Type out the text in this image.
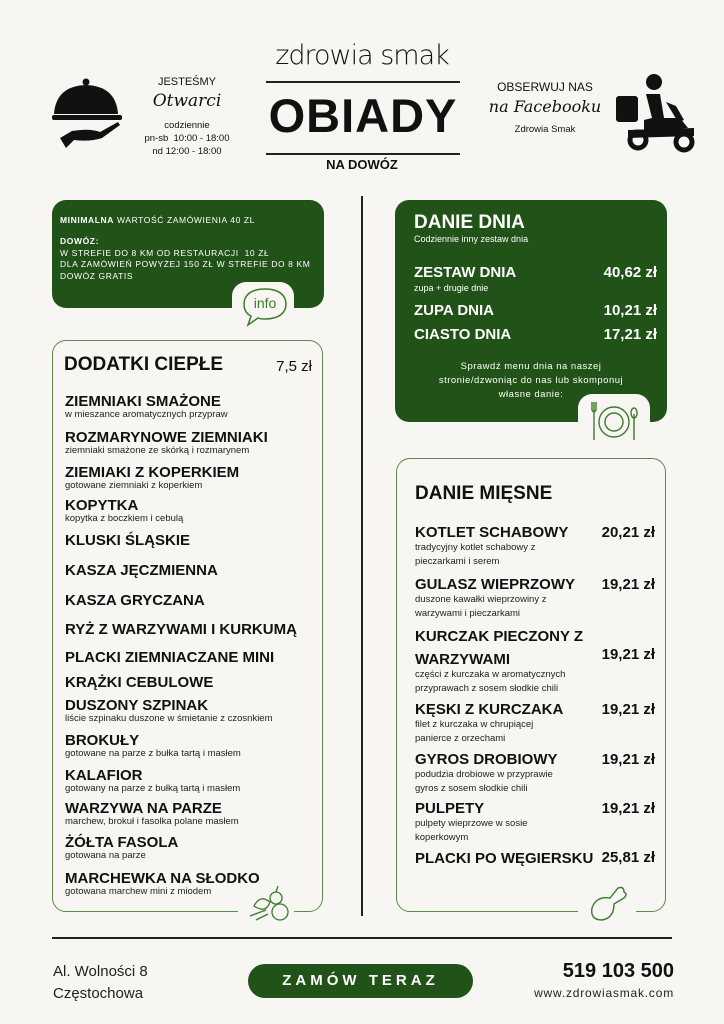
JESTEŚMY
Otwarci
codziennie
pn-sb  10:00 - 18:00
nd 12:00 - 18:00
zdrowia smak
OBIADY
NA DOWÓZ
OBSERWUJ NAS
na Facebooku
Zdrowia Smak
MINIMALNA WARTOŚĆ ZAMÓWIENIA 40 ZL
DOWÓZ:
W STREFIE DO 8 KM OD RESTAURACJI  10 ZŁ
DLA ZAMÓWIEŃ POWYŻEJ 150 ZŁ W STREFIE DO 8 KM
DOWÓZ GRATIS
info
DODATKI CIEPŁE	7,5 zł
ZIEMNIAKI SMAŻONE
w mieszance aromatycznych przypraw
ROZMARYNOWE ZIEMNIAKI
ziemniaki smażone ze skórką i rozmarynem
ZIEMIAKI Z KOPERKIEM
gotowane ziemniaki z koperkiem
KOPYTKA
kopytka z boczkiem i cebulą
KLUSKI ŚLĄSKIE
KASZA JĘCZMIENNA
KASZA GRYCZANA
RYŻ Z WARZYWAMI I KURKUMĄ
PLACKI ZIEMNIACZANE MINI
KRĄŻKI CEBULOWE
DUSZONY SZPINAK
liście szpinaku duszone w śmietanie z czosnkiem
BROKUŁY
gotowane na parze z bułka tartą i masłem
KALAFIOR
gotowany na parze z bułką tartą i masłem
WARZYWA NA PARZE
marchew, brokuł i fasolka polane masłem
ŻÓŁTA FASOLA
gotowana na parze
MARCHEWKA NA SŁODKO
gotowana marchew mini z miodem
DANIE DNIA
Codziennie inny zestaw dnia
Sprawdź menu dnia na naszej
stronie/dzwoniąc do nas lub skomponuj
własne danie:
ZESTAW DNIA	40,62 zł
zupa + drugie dnie
ZUPA DNIA	10,21 zł
CIASTO DNIA	17,21 zł
DANIE MIĘSNE
KOTLET SCHABOWY 20,21 zł
tradycyjny kotlet schabowy z
pieczarkami i serem
GULASZ WIEPRZOWY 19,21 zł
duszone kawałki wieprzowiny z
warzywami i pieczarkami
KURCZAK PIECZONY Z
WARZYWAMI	19,21 zł
części z kurczaka w aromatycznych
przyprawach z sosem słodkie chili
KĘSKI Z KURCZAKA	19,21 zł
filet z kurczaka w chrupiącej
panierce z orzechami
GYROS DROBIOWY	19,21 zł
podudzia drobiowe w przyprawie
gyros z sosem słodkie chili
PULPETY	19,21 zł
pulpety wieprzowe w sosie
koperkowym
PLACKI PO WĘGIERSKU 25,81 zł
Al. Wolności 8
Częstochowa
ZAMÓW TERAZ	519 103 500
www.zdrowiasmak.com
